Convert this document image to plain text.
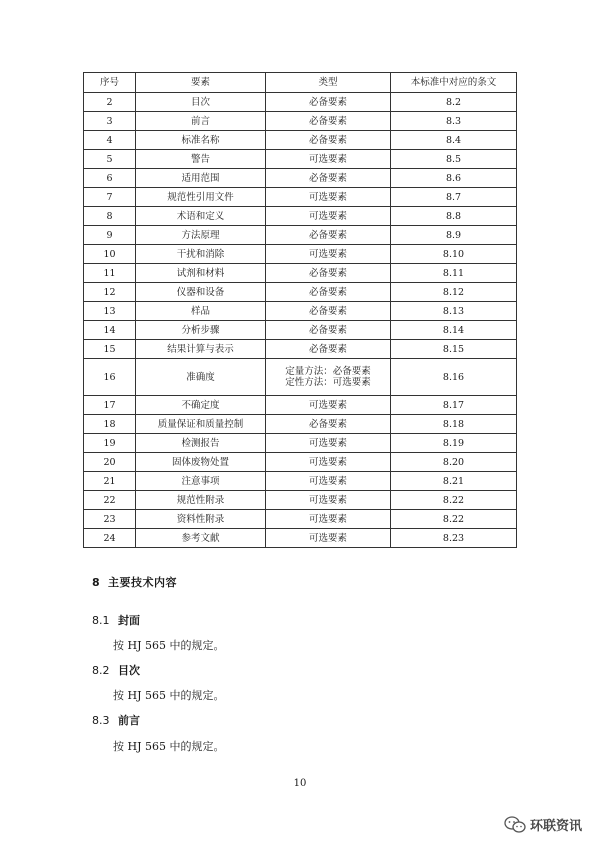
序号	要素	类型	本标准中对应的条文
2	目次	必备要素	8.2
3	前言	必备要素	8.3
4	标准名称	必备要素	8.4
5	警告	可选要素	8.5
6	适用范围	必备要素	8.6
7	规范性引用文件	可选要素	8.7
8	术语和定义	可选要素	8.8
9	方法原理	必备要素	8.9
10	干扰和消除	可选要素	8.10
11	试剂和材料	必备要素	8.11
12	仪器和设备	必备要素	8.12
13	样品	必备要素	8.13
14	分析步骤	必备要素	8.14
15	结果计算与表示	必备要素	8.15
16	准确度	定量方法：必备要素
定性方法：可选要素	8.16
17	不确定度	可选要素	8.17
18	质量保证和质量控制	必备要素	8.18
19	检测报告	可选要素	8.19
20	固体废物处置	可选要素	8.20
21	注意事项	可选要素	8.21
22	规范性附录	可选要素	8.22
23	资料性附录	可选要素	8.22
24	参考文献	可选要素	8.23
8 主要技术内容
8.1 封面
按 HJ 565 中的规定。
8.2 目次
按 HJ 565 中的规定。
8.3 前言
按 HJ 565 中的规定。
10
环联资讯
